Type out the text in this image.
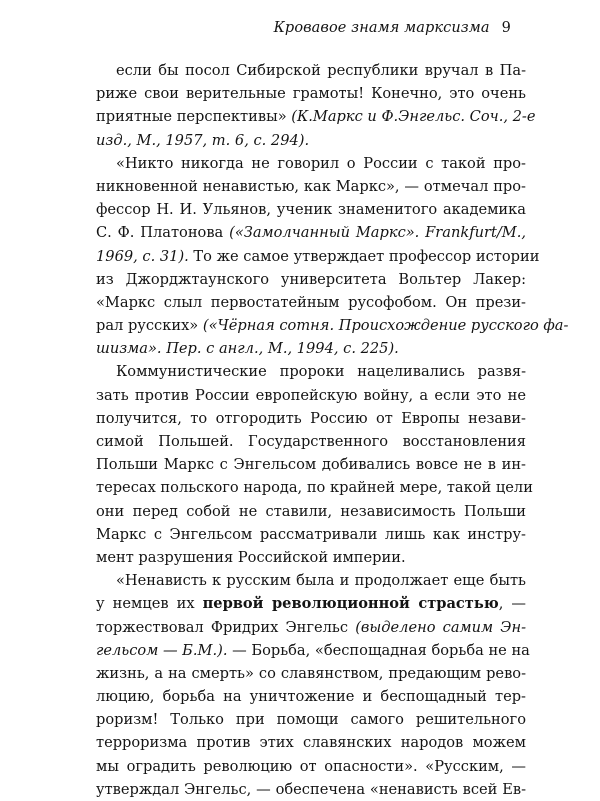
Кровавое знамя марксизма 9
если бы посол Сибирской республики вручал в Па-
риже свои верительные грамоты! Конечно, это очень
приятные перспективы» (К.Маркс и Ф.Энгельс. Соч., 2-е
изд., М., 1957, т. 6, с. 294).
«Никто никогда не говорил о России с такой про-
никновенной ненавистью, как Маркс», — отмечал про-
фессор Н. И. Ульянов, ученик знаменитого академика
С. Ф. Платонова («Замолчанный Маркс». Frankfurt/M.,
1969, с. 31). То же самое утверждает профессор истории
из Джорджтаунского университета Вольтер Лакер:
«Маркс слыл первостатейным русофобом. Он прези-
рал русских» («Чёрная сотня. Происхождение русского фа-
шизма». Пер. с англ., М., 1994, с. 225).
Коммунистические пророки нацеливались развя-
зать против России европейскую войну, а если это не
получится, то отгородить Россию от Европы незави-
симой Польшей. Государственного восстановления
Польши Маркс с Энгельсом добивались вовсе не в ин-
тересах польского народа, по крайней мере, такой цели
они перед собой не ставили, независимость Польши
Маркс с Энгельсом рассматривали лишь как инстру-
мент разрушения Российской империи.
«Ненависть к русским была и продолжает еще быть
у немцев их первой революционной страстью, —
торжествовал Фридрих Энгельс (выделено самим Эн-
гельсом — Б.М.). — Борьба, «беспощадная борьба не на
жизнь, а на смерть» со славянством, предающим рево-
люцию, борьба на уничтожение и беспощадный тер-
роризм! Только при помощи самого решительного
терроризма против этих славянских народов можем
мы оградить революцию от опасности». «Русским, —
утверждал Энгельс, — обеспечена «ненависть всей Ев-
